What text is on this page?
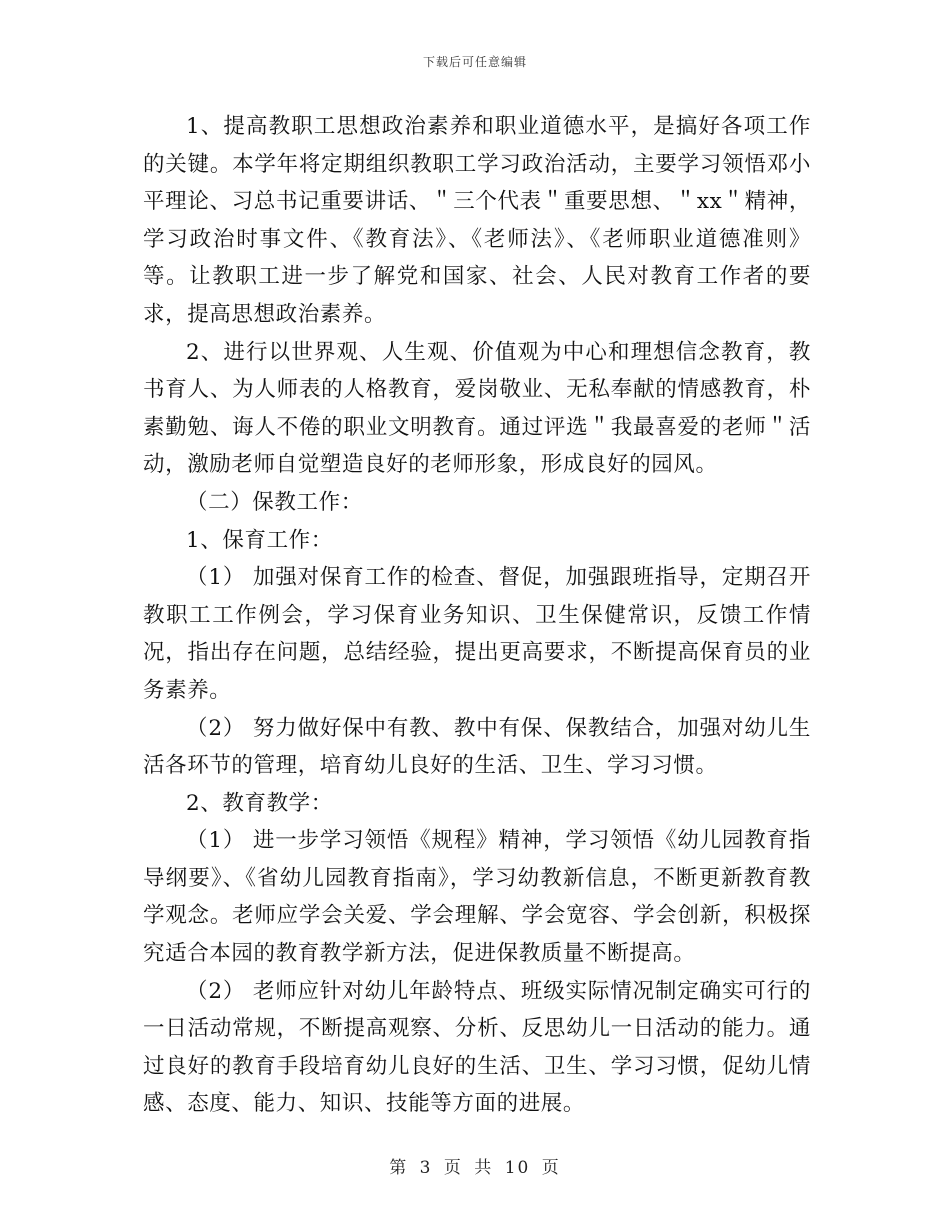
下载后可任意编辑

1、提高教职工思想政治素养和职业道德水平，是搞好各项工作的关键。本学年将定期组织教职工学习政治活动，主要学习领悟邓小平理论、习总书记重要讲话、＂三个代表＂重要思想、＂xx＂精神，学习政治时事文件、《教育法》、《老师法》、《老师职业道德准则》等。让教职工进一步了解党和国家、社会、人民对教育工作者的要求，提高思想政治素养。

2、进行以世界观、人生观、价值观为中心和理想信念教育，教书育人、为人师表的人格教育，爱岗敬业、无私奉献的情感教育，朴素勤勉、诲人不倦的职业文明教育。通过评选＂我最喜爱的老师＂活动，激励老师自觉塑造良好的老师形象，形成良好的园风。

（二）保教工作：

1、保育工作：

（1） 加强对保育工作的检查、督促，加强跟班指导，定期召开教职工工作例会，学习保育业务知识、卫生保健常识，反馈工作情况，指出存在问题，总结经验，提出更高要求，不断提高保育员的业务素养。

（2） 努力做好保中有教、教中有保、保教结合，加强对幼儿生活各环节的管理，培育幼儿良好的生活、卫生、学习习惯。

2、教育教学：

（1） 进一步学习领悟《规程》精神，学习领悟《幼儿园教育指导纲要》、《省幼儿园教育指南》，学习幼教新信息，不断更新教育教学观念。老师应学会关爱、学会理解、学会宽容、学会创新，积极探究适合本园的教育教学新方法，促进保教质量不断提高。

（2） 老师应针对幼儿年龄特点、班级实际情况制定确实可行的一日活动常规，不断提高观察、分析、反思幼儿一日活动的能力。通过良好的教育手段培育幼儿良好的生活、卫生、学习习惯，促幼儿情感、态度、能力、知识、技能等方面的进展。

第 3 页 共 10 页
